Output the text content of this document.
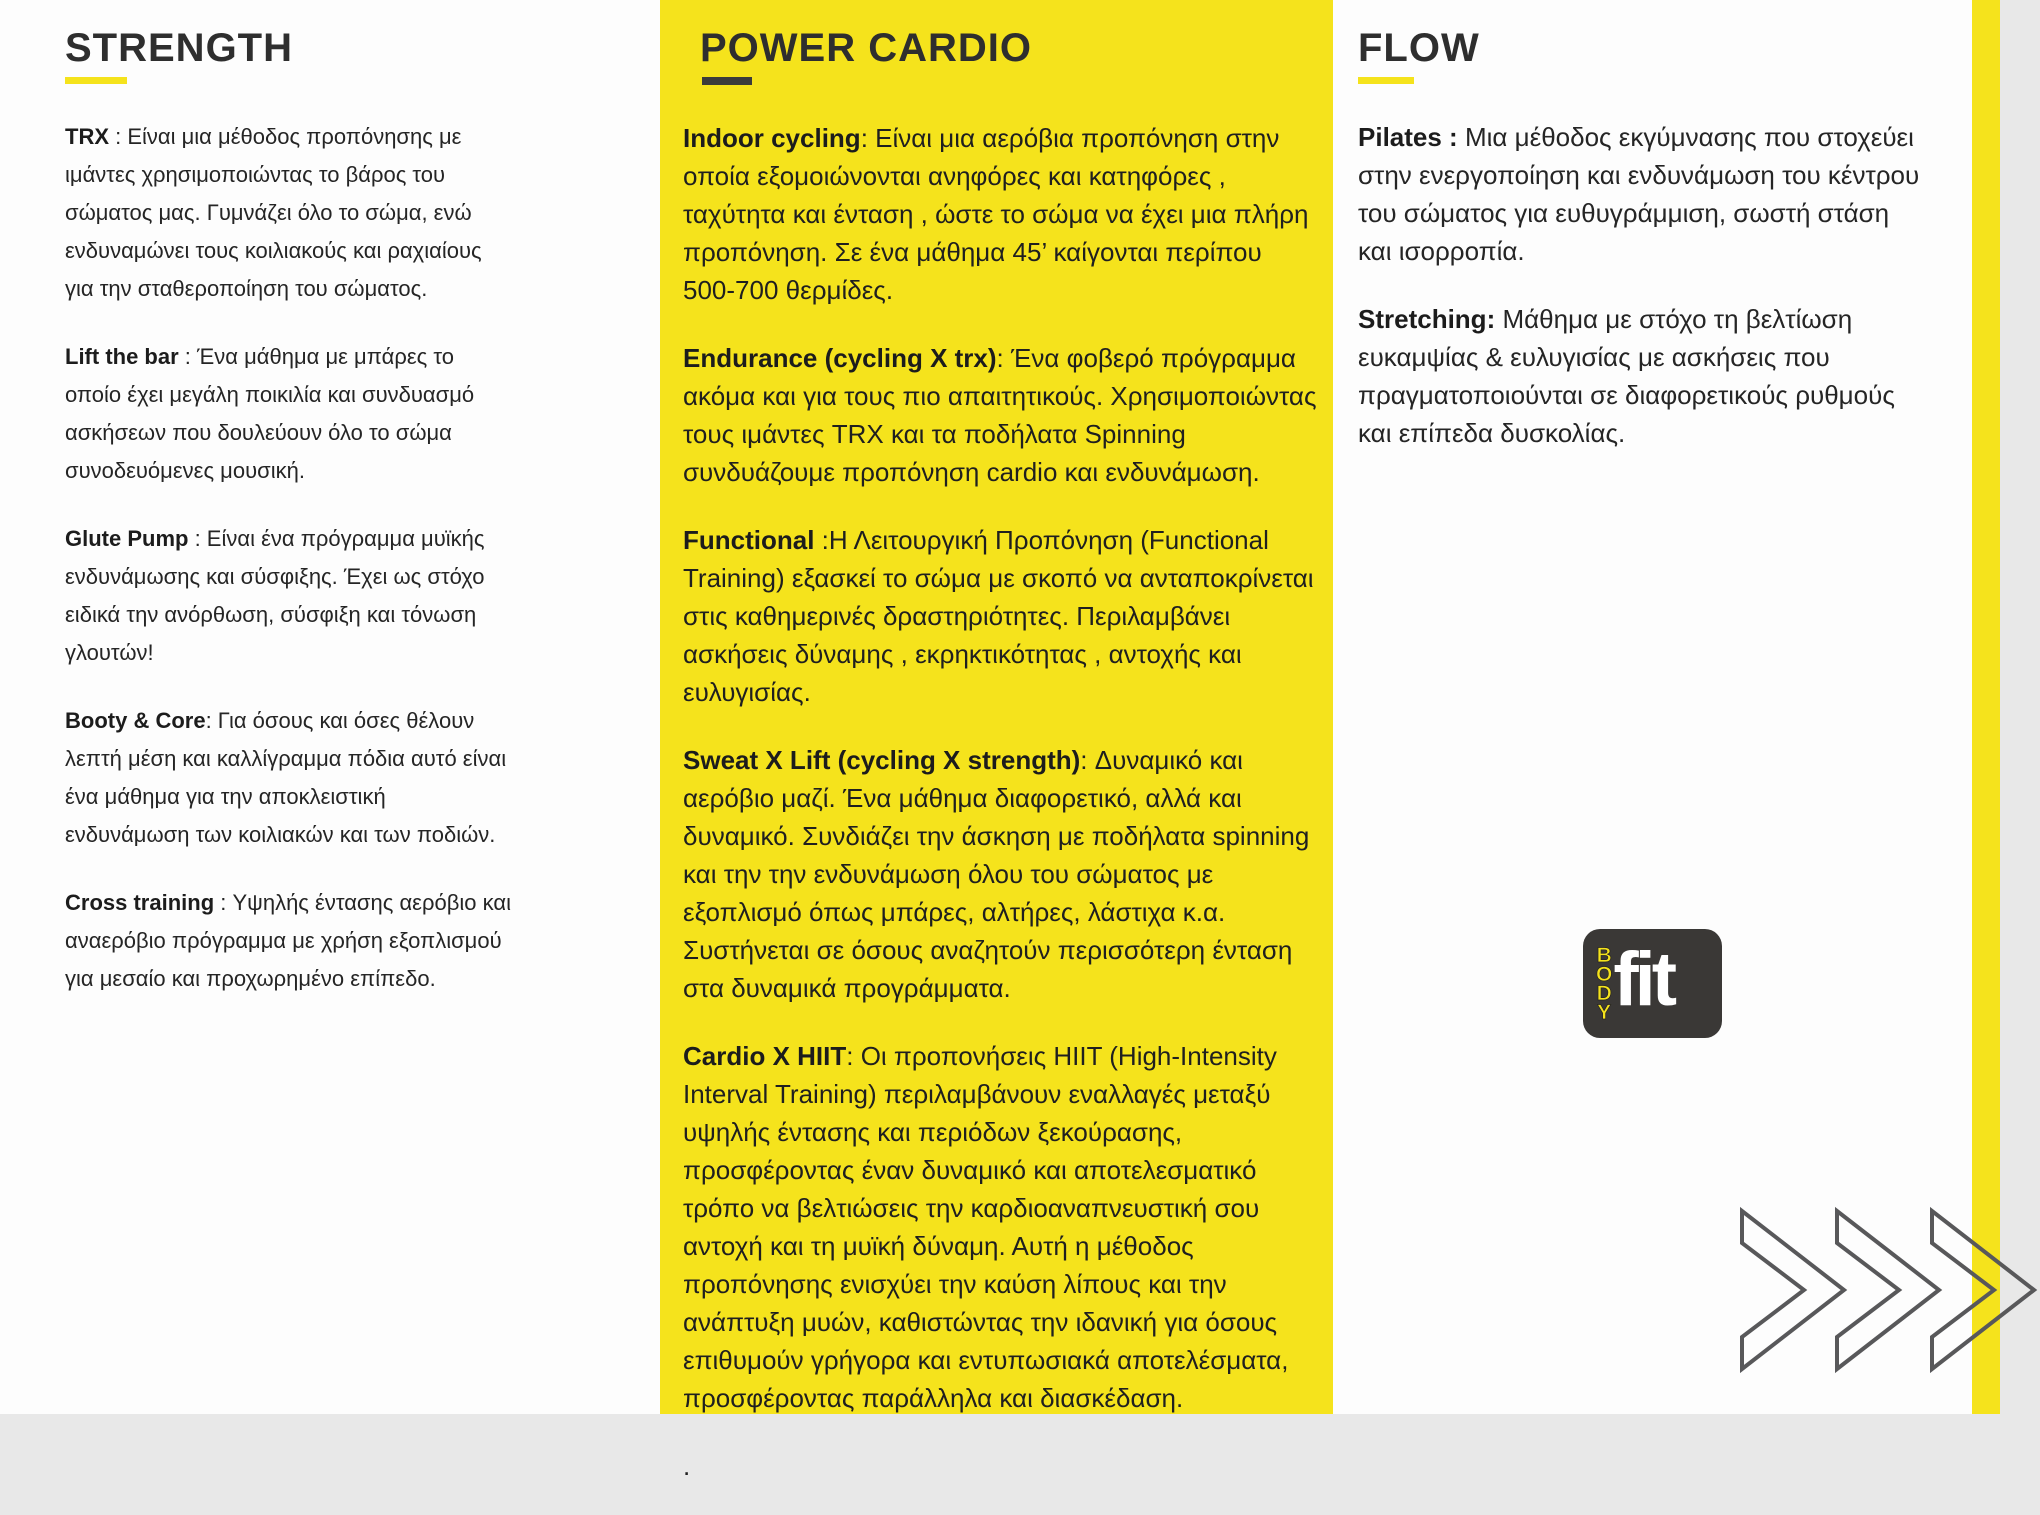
STRENGTH

TRX : Είναι μια μέθοδος προπόνησης με ιμάντες χρησιμοποιώντας το βάρος του σώματος μας. Γυμνάζει όλο το σώμα, ενώ ενδυναμώνει τους κοιλιακούς και ραχιαίους για την σταθεροποίηση του σώματος.

Lift the bar : Ένα μάθημα με μπάρες το οποίο έχει μεγάλη ποικιλία και συνδυασμό ασκήσεων που δουλεύουν όλο το σώμα συνοδευόμενες μουσική.

Glute Pump : Είναι ένα πρόγραμμα μυϊκής ενδυνάμωσης και σύσφιξης. Έχει ως στόχο ειδικά την ανόρθωση, σύσφιξη και τόνωση γλουτών!

Booty & Core: Για όσους και όσες θέλουν λεπτή μέση και καλλίγραμμα πόδια αυτό είναι ένα μάθημα για την αποκλειστική ενδυνάμωση των κοιλιακών και των ποδιών.

Cross training : Υψηλής έντασης αερόβιο και αναερόβιο πρόγραμμα με χρήση εξοπλισμού για μεσαίο και προχωρημένο επίπεδο.

POWER CARDIO

Indoor cycling: Είναι μια αερόβια προπόνηση στην οποία εξομοιώνονται ανηφόρες και κατηφόρες , ταχύτητα και ένταση , ώστε το σώμα να έχει μια πλήρη προπόνηση. Σε ένα μάθημα 45’ καίγονται περίπου 500-700 θερμίδες.

Endurance (cycling X trx): Ένα φοβερό πρόγραμμα ακόμα και για τους πιο απαιτητικούς. Χρησιμοποιώντας τους ιμάντες TRX και τα ποδήλατα Spinning συνδυάζουμε προπόνηση cardio και ενδυνάμωση.

Functional :Η Λειτουργική Προπόνηση (Functional Training) εξασκεί το σώμα με σκοπό να ανταποκρίνεται στις καθημερινές δραστηριότητες. Περιλαμβάνει ασκήσεις δύναμης , εκρηκτικότητας , αντοχής και ευλυγισίας.

Sweat X Lift (cycling X strength): Δυναμικό και αερόβιο μαζί. Ένα μάθημα διαφορετικό, αλλά και δυναμικό. Συνδιάζει την άσκηση με ποδήλατα spinning και την την ενδυνάμωση όλου του σώματος με εξοπλισμό όπως μπάρες, αλτήρες, λάστιχα κ.α. Συστήνεται σε όσους αναζητούν περισσότερη ένταση στα δυναμικά προγράμματα.

Cardio X HIIT: Οι προπονήσεις HIIT (High-Intensity Interval Training) περιλαμβάνουν εναλλαγές μεταξύ υψηλής έντασης και περιόδων ξεκούρασης, προσφέροντας έναν δυναμικό και αποτελεσματικό τρόπο να βελτιώσεις την καρδιοαναπνευστική σου αντοχή και τη μυϊκή δύναμη. Αυτή η μέθοδος προπόνησης ενισχύει την καύση λίπους και την ανάπτυξη μυών, καθιστώντας την ιδανική για όσους επιθυμούν γρήγορα και εντυπωσιακά αποτελέσματα, προσφέροντας παράλληλα και διασκέδαση.

.

FLOW

Pilates : Μια μέθοδος εκγύμνασης που στοχεύει στην ενεργοποίηση και ενδυνάμωση του κέντρου του σώματος για ευθυγράμμιση, σωστή στάση και ισορροπία.

Stretching: Μάθημα με στόχο τη βελτίωση ευκαμψίας & ευλυγισίας με ασκήσεις που πραγματοποιούνται σε διαφορετικούς ρυθμούς και επίπεδα δυσκολίας.

B
O
D
Y fit
